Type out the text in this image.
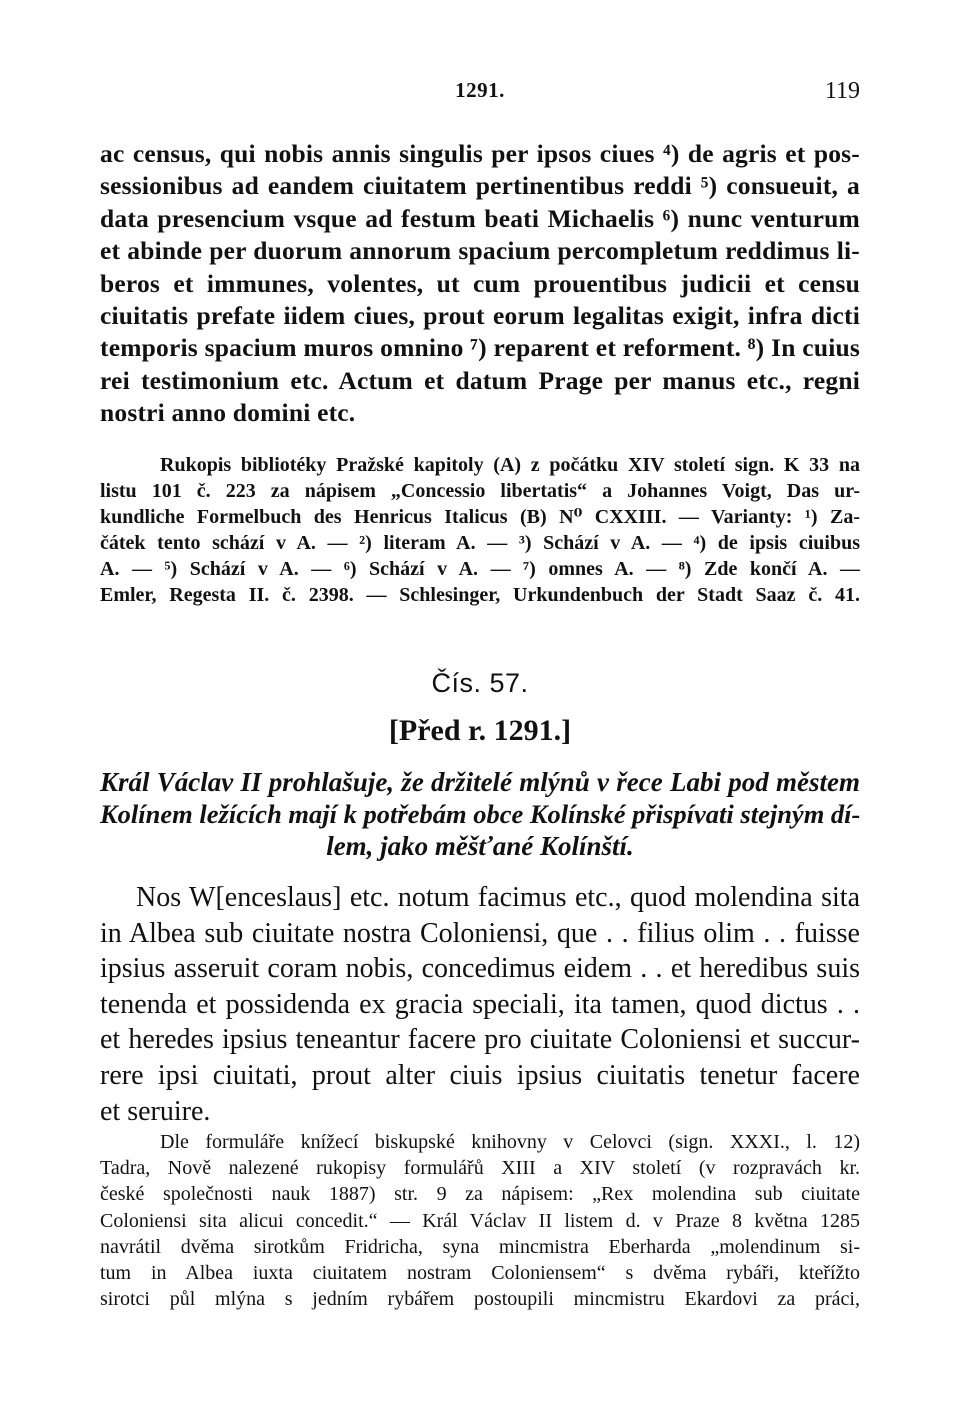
1291.	119
ac census, qui nobis annis singulis per ipsos ciues ⁴) de agris et pos-
sessionibus ad eandem ciuitatem pertinentibus reddi ⁵) consueuit, a
data presencium vsque ad festum beati Michaelis ⁶) nunc venturum
et abinde per duorum annorum spacium percompletum reddimus li-
beros et immunes, volentes, ut cum prouentibus judicii et censu
ciuitatis prefate iidem ciues, prout eorum legalitas exigit, infra dicti
temporis spacium muros omnino ⁷) reparent et reforment. ⁸) In cuius
rei testimonium etc. Actum et datum Prage per manus etc., regni
nostri anno domini etc.
Rukopis bibliotéky Pražské kapitoly (A) z počátku XIV století sign. K 33 na
listu 101 č. 223 za nápisem „Concessio libertatis“ a Johannes Voigt, Das ur-
kundliche Formelbuch des Henricus Italicus (B) N⁰ CXXIII. — Varianty: ¹) Za-
čátek tento schází v A. — ²) literam A. — ³) Schází v A. — ⁴) de ipsis ciuibus
A. — ⁵) Schází v A. — ⁶) Schází v A. — ⁷) omnes A. — ⁸) Zde končí A. —
Emler, Regesta II. č. 2398. — Schlesinger, Urkundenbuch der Stadt Saaz č. 41.
Čís. 57.
[Před r. 1291.]
Král Václav II prohlašuje, že držitelé mlýnů v řece Labi pod městem
Kolínem ležících mají k potřebám obce Kolínské přispívati stejným dí-
lem, jako měšťané Kolínští.
Nos W[enceslaus] etc. notum facimus etc., quod molendina sita
in Albea sub ciuitate nostra Coloniensi, que . . filius olim . . fuisse
ipsius asseruit coram nobis, concedimus eidem . . et heredibus suis
tenenda et possidenda ex gracia speciali, ita tamen, quod dictus . .
et heredes ipsius teneantur facere pro ciuitate Coloniensi et succur-
rere ipsi ciuitati, prout alter ciuis ipsius ciuitatis tenetur facere
et seruire.
Dle formuláře knížecí biskupské knihovny v Celovci (sign. XXXI., l. 12)
Tadra, Nově nalezené rukopisy formulářů XIII a XIV století (v rozpravách kr.
české společnosti nauk 1887) str. 9 za nápisem: „Rex molendina sub ciuitate
Coloniensi sita alicui concedit.“ — Král Václav II listem d. v Praze 8 května 1285
navrátil dvěma sirotkům Fridricha, syna mincmistra Eberharda „molendinum si-
tum in Albea iuxta ciuitatem nostram Coloniensem“ s dvěma rybáři, kteřížto
sirotci půl mlýna s jedním rybářem postoupili mincmistru Ekardovi za práci,
